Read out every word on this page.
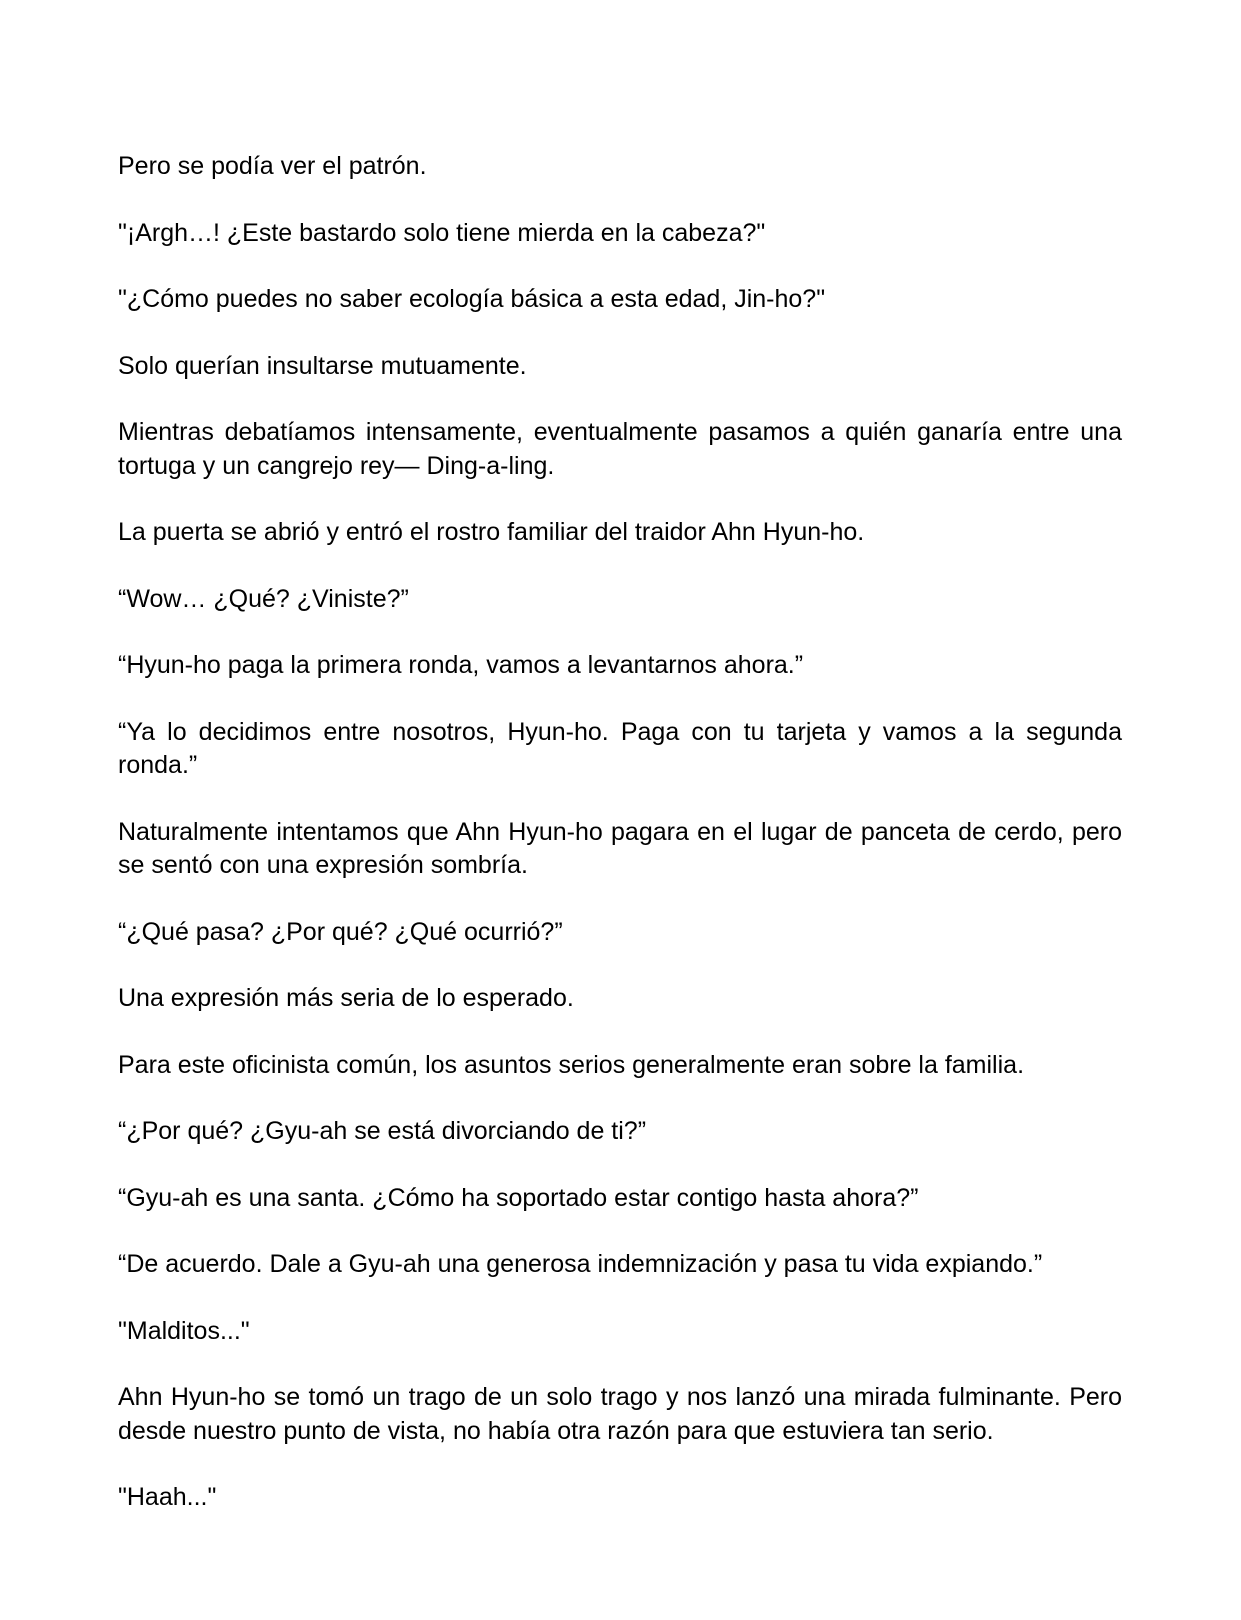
Pero se podía ver el patrón.

"¡Argh…! ¿Este bastardo solo tiene mierda en la cabeza?"

"¿Cómo puedes no saber ecología básica a esta edad, Jin-ho?"

Solo querían insultarse mutuamente.

Mientras debatíamos intensamente, eventualmente pasamos a quién ganaría entre una tortuga y un cangrejo rey— Ding-a-ling.

La puerta se abrió y entró el rostro familiar del traidor Ahn Hyun-ho.

“Wow… ¿Qué? ¿Viniste?”

“Hyun-ho paga la primera ronda, vamos a levantarnos ahora.”

“Ya lo decidimos entre nosotros, Hyun-ho. Paga con tu tarjeta y vamos a la segunda ronda.”

Naturalmente intentamos que Ahn Hyun-ho pagara en el lugar de panceta de cerdo, pero se sentó con una expresión sombría.

“¿Qué pasa? ¿Por qué? ¿Qué ocurrió?”

Una expresión más seria de lo esperado.

Para este oficinista común, los asuntos serios generalmente eran sobre la familia.

“¿Por qué? ¿Gyu-ah se está divorciando de ti?”

“Gyu-ah es una santa. ¿Cómo ha soportado estar contigo hasta ahora?”

“De acuerdo. Dale a Gyu-ah una generosa indemnización y pasa tu vida expiando.”

"Malditos..."

Ahn Hyun-ho se tomó un trago de un solo trago y nos lanzó una mirada fulminante. Pero desde nuestro punto de vista, no había otra razón para que estuviera tan serio.

"Haah..."
